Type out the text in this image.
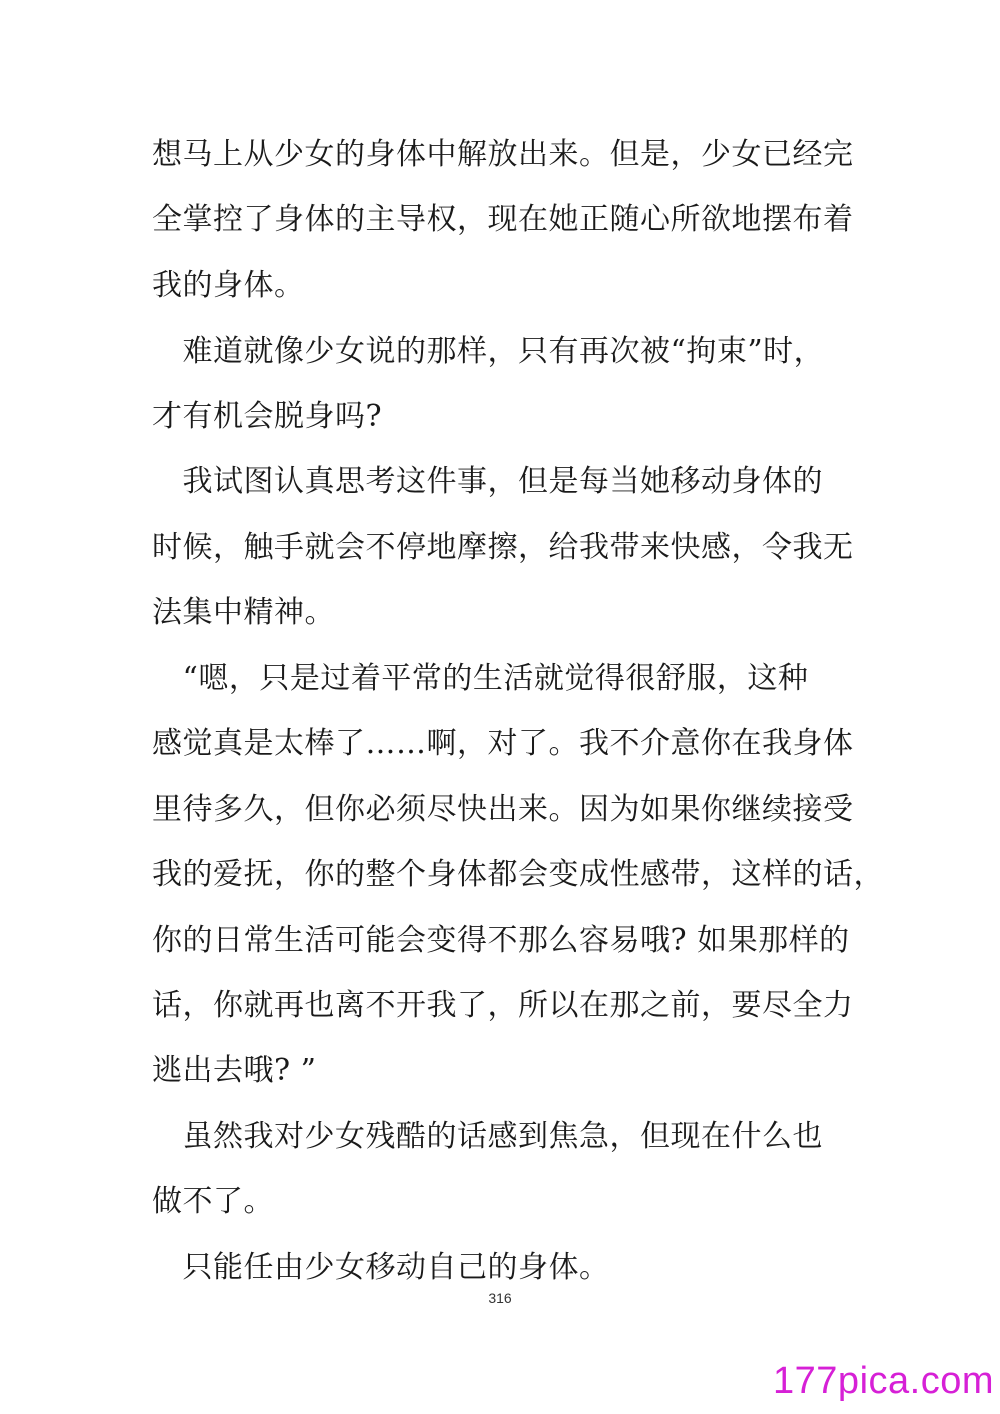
想马上从少女的身体中解放出来。但是，少女已经完
全掌控了身体的主导权，现在她正随心所欲地摆布着
我的身体。
　难道就像少女说的那样，只有再次被“拘束”时，
才有机会脱身吗?
　我试图认真思考这件事，但是每当她移动身体的
时候，触手就会不停地摩擦，给我带来快感，令我无
法集中精神。
　“嗯，只是过着平常的生活就觉得很舒服，这种
感觉真是太棒了……啊，对了。我不介意你在我身体
里待多久，但你必须尽快出来。因为如果你继续接受
我的爱抚，你的整个身体都会变成性感带，这样的话，
你的日常生活可能会变得不那么容易哦? 如果那样的
话，你就再也离不开我了，所以在那之前，要尽全力
逃出去哦? ”
　虽然我对少女残酷的话感到焦急，但现在什么也
做不了。
　只能任由少女移动自己的身体。
316
177pica.com
